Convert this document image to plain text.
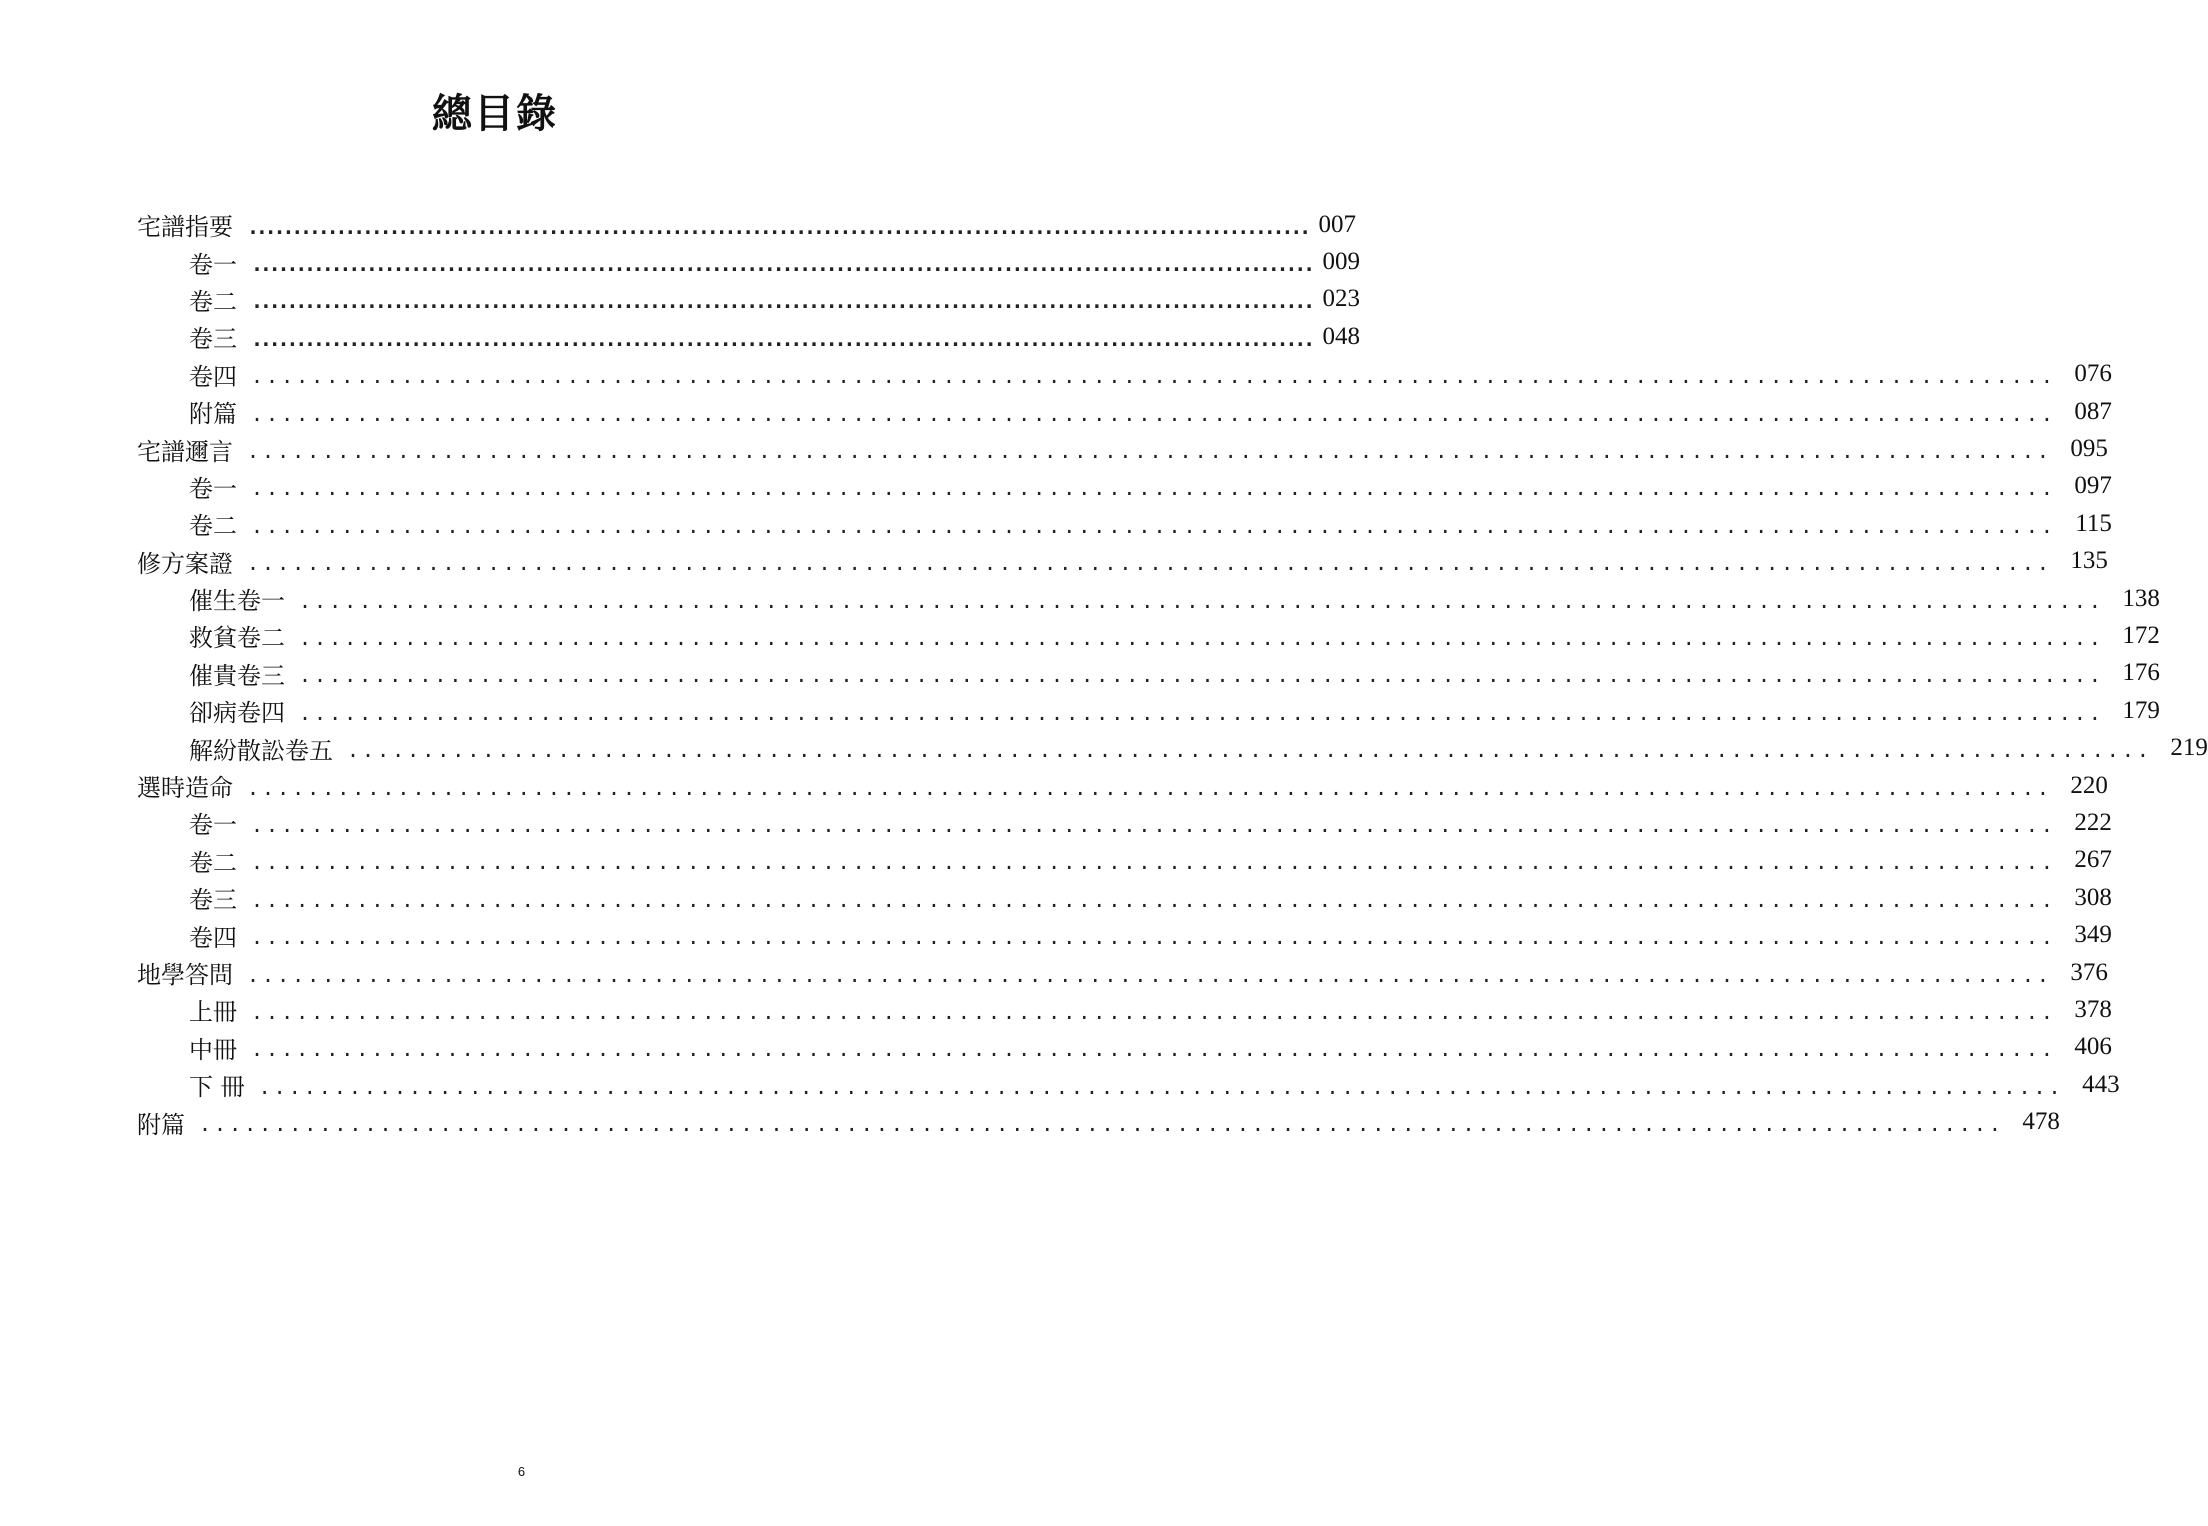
總目錄
宅譜指要 ........................................................................................................................ 007
卷一 ........................................................................................................................ 009
卷二 ........................................................................................................................ 023
卷三 ........................................................................................................................ 048
卷四 ........................................................................................................................ 076
附篇 ........................................................................................................................ 087
宅譜邇言 ........................................................................................................................ 095
卷一 ........................................................................................................................ 097
卷二 ........................................................................................................................ 115
修方案證 ........................................................................................................................ 135
催生卷一 ........................................................................................................................ 138
救貧卷二 ........................................................................................................................ 172
催貴卷三 ........................................................................................................................ 176
卻病卷四 ........................................................................................................................ 179
解紛散訟卷五 ........................................................................................................................ 219
選時造命 ........................................................................................................................ 220
卷一 ........................................................................................................................ 222
卷二 ........................................................................................................................ 267
卷三 ........................................................................................................................ 308
卷四 ........................................................................................................................ 349
地學答問 ........................................................................................................................ 376
上冊 ........................................................................................................................ 378
中冊 ........................................................................................................................ 406
下 冊 ........................................................................................................................ 443
附篇 ........................................................................................................................ 478
6
